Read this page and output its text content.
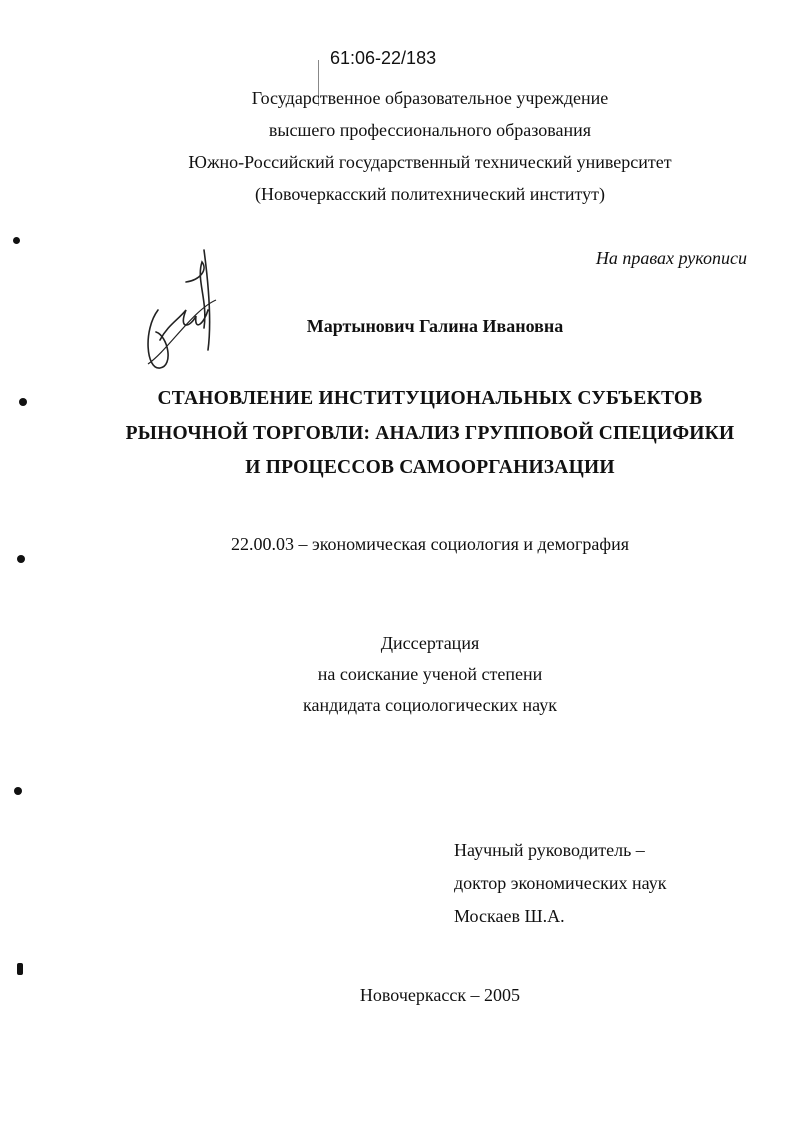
61:06-22/183
Государственное образовательное учреждение
высшего профессионального образования
Южно-Российский государственный технический университет
(Новочеркасский политехнический институт)
На правах рукописи
Мартынович Галина Ивановна
СТАНОВЛЕНИЕ ИНСТИТУЦИОНАЛЬНЫХ СУБЪЕКТОВ
РЫНОЧНОЙ ТОРГОВЛИ: АНАЛИЗ ГРУППОВОЙ СПЕЦИФИКИ
И ПРОЦЕССОВ САМООРГАНИЗАЦИИ
22.00.03 – экономическая социология и демография
Диссертация
на соискание ученой степени
кандидата социологических наук
Научный руководитель –
доктор экономических наук
Москаев Ш.А.
Новочеркасск – 2005
